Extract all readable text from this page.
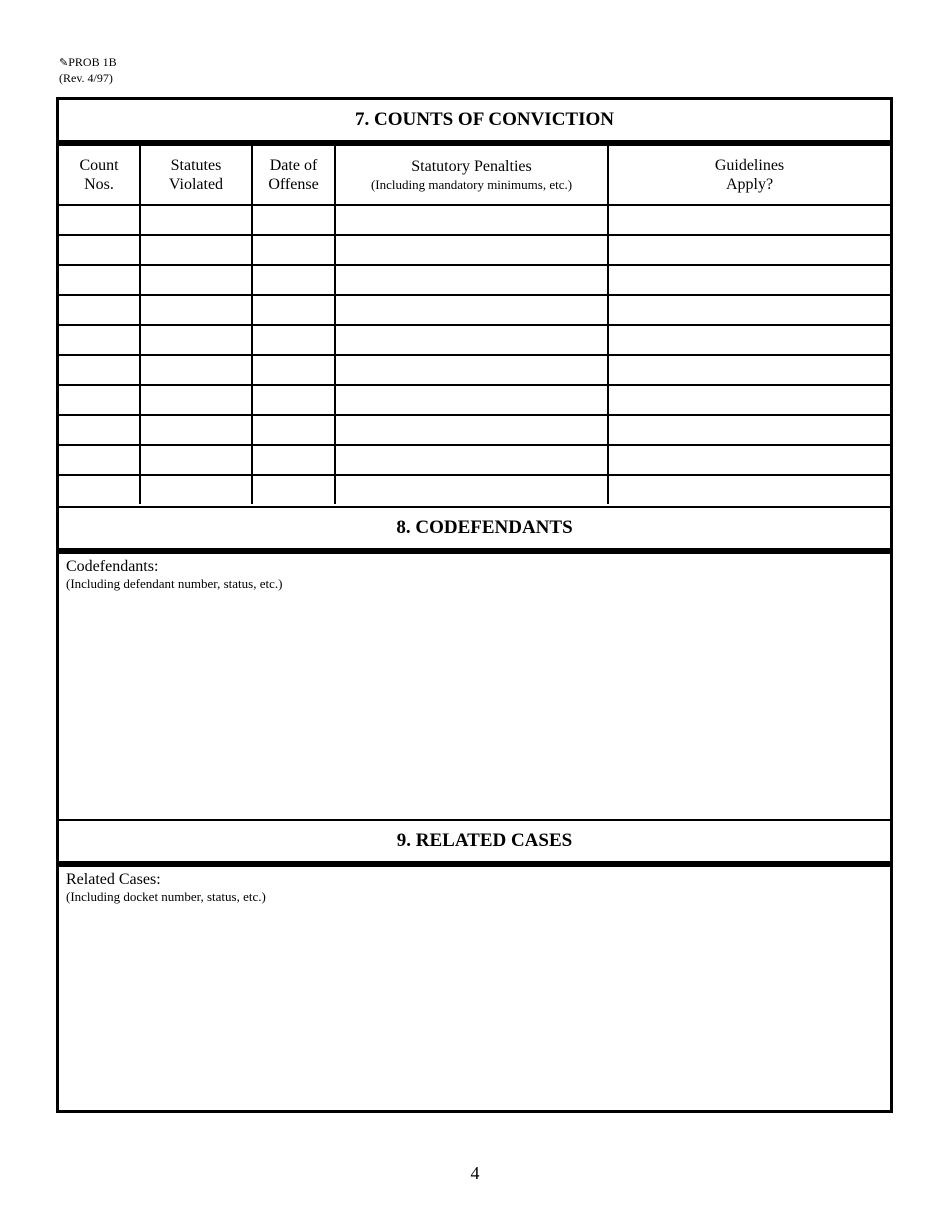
✎PROB 1B
(Rev. 4/97)
7. COUNTS OF CONVICTION
Count Nos.	Statutes Violated	Date of Offense	Statutory Penalties
(Including mandatory minimums, etc.)	Guidelines Apply?

8. CODEFENDANTS
Codefendants:
(Including defendant number, status, etc.)
9. RELATED CASES
Related Cases:
(Including docket number, status, etc.)
4
